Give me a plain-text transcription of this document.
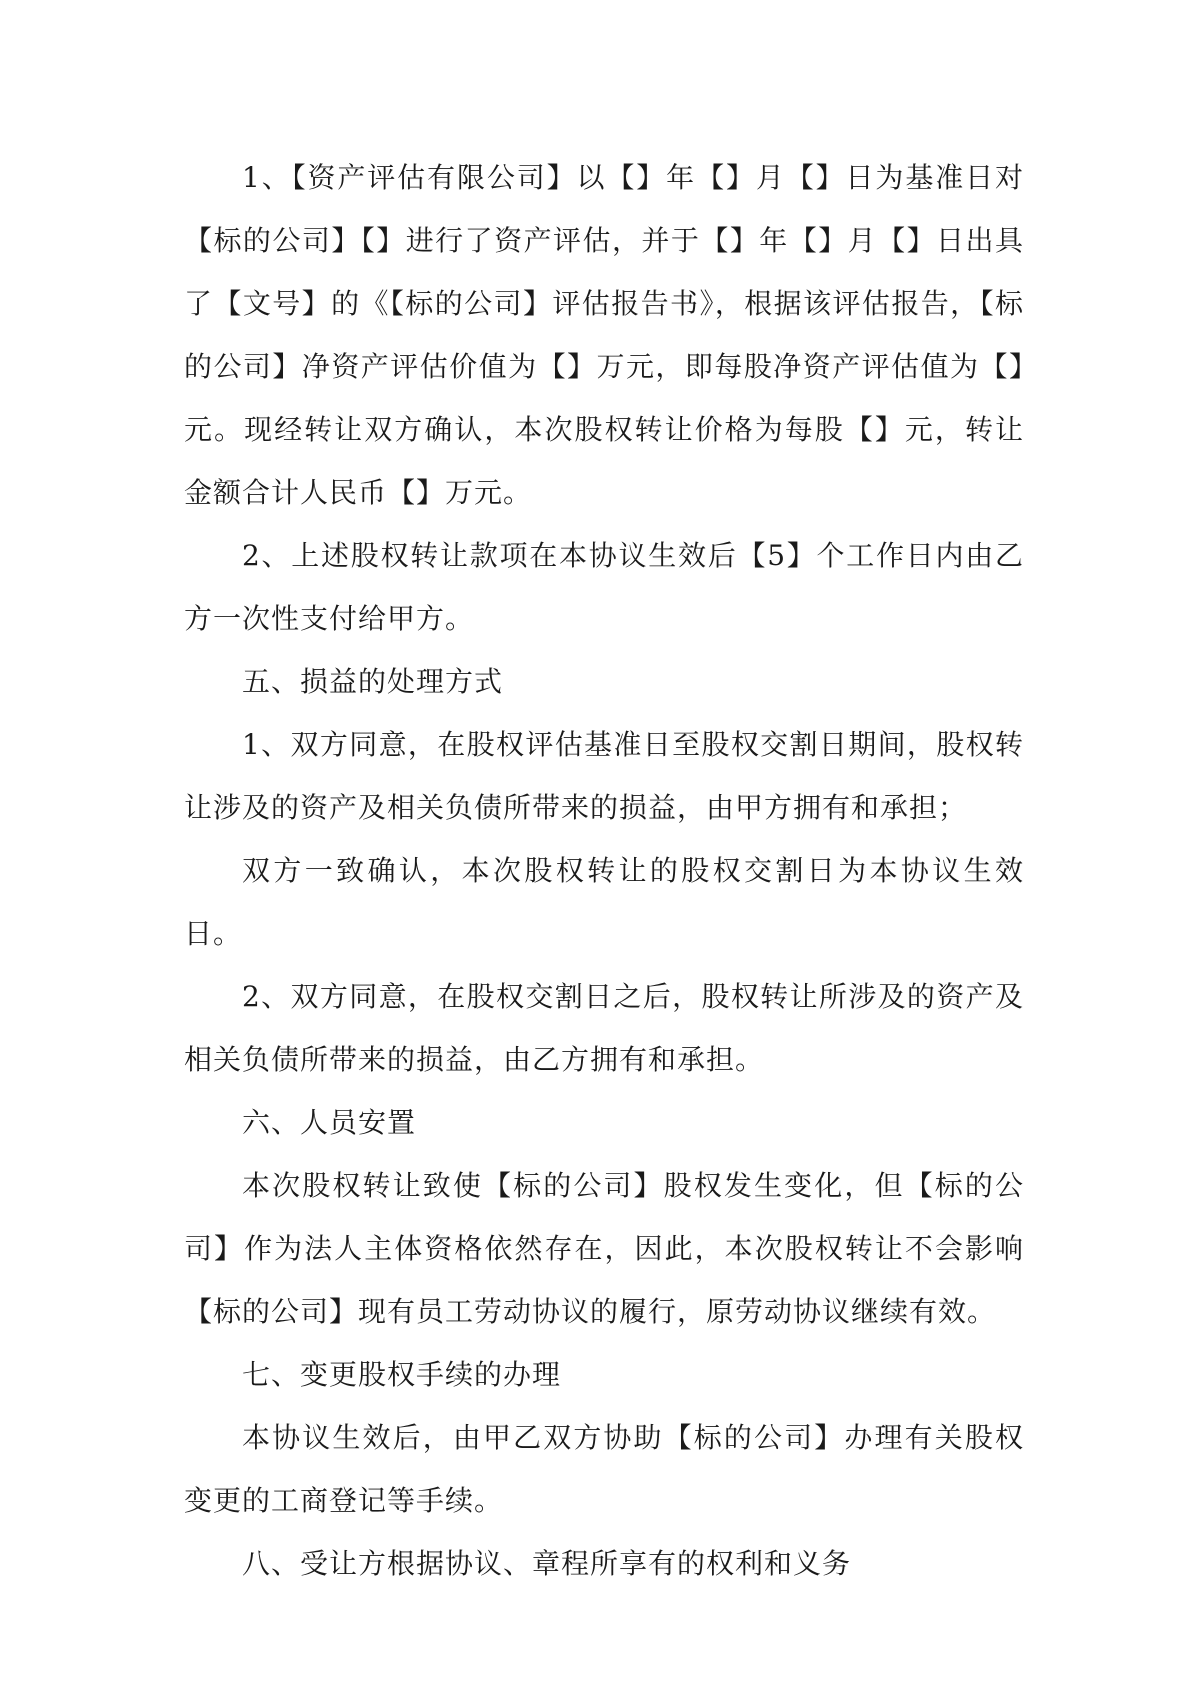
1、【资产评估有限公司】以【】年【】月【】日为基准日对【标的公司】【】进行了资产评估，并于【】年【】月【】日出具了【文号】的《【标的公司】评估报告书》，根据该评估报告，【标的公司】净资产评估价值为【】万元，即每股净资产评估值为【】元。现经转让双方确认，本次股权转让价格为每股【】元，转让金额合计人民币【】万元。

2、上述股权转让款项在本协议生效后【5】个工作日内由乙方一次性支付给甲方。

五、损益的处理方式

1、双方同意，在股权评估基准日至股权交割日期间，股权转让涉及的资产及相关负债所带来的损益，由甲方拥有和承担；

双方一致确认，本次股权转让的股权交割日为本协议生效日。

2、双方同意，在股权交割日之后，股权转让所涉及的资产及相关负债所带来的损益，由乙方拥有和承担。

六、人员安置

本次股权转让致使【标的公司】股权发生变化，但【标的公司】作为法人主体资格依然存在，因此，本次股权转让不会影响【标的公司】现有员工劳动协议的履行，原劳动协议继续有效。

七、变更股权手续的办理

本协议生效后，由甲乙双方协助【标的公司】办理有关股权变更的工商登记等手续。

八、受让方根据协议、章程所享有的权利和义务
